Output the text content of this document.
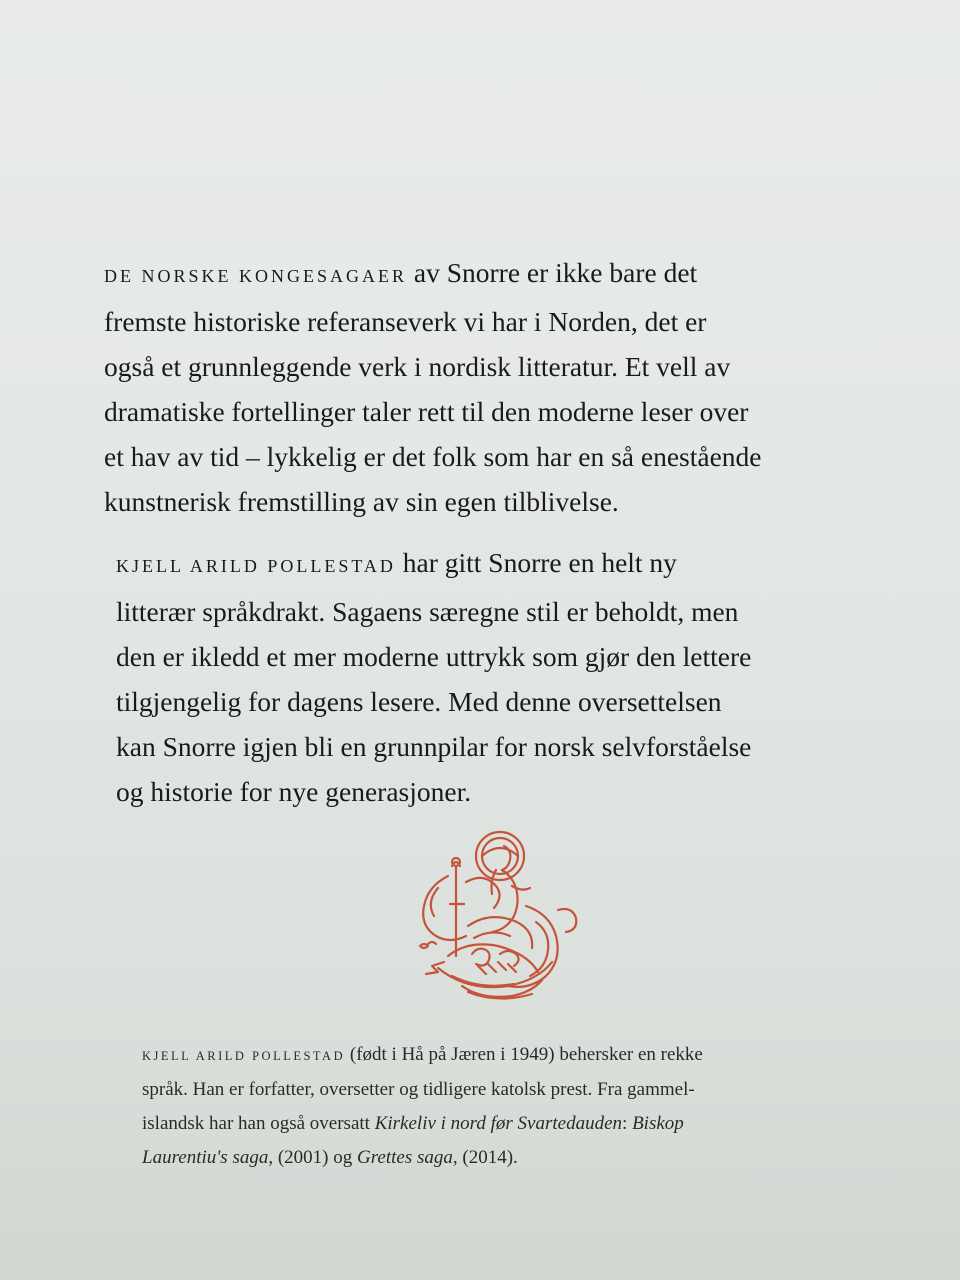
DE NORSKE KONGESAGAER av Snorre er ikke bare det
fremste historiske referanseverk vi har i Norden, det er
også et grunnleggende verk i nordisk litteratur. Et vell av
dramatiske fortellinger taler rett til den moderne leser over
et hav av tid – lykkelig er det folk som har en så enestående
kunstnerisk fremstilling av sin egen tilblivelse.
KJELL ARILD POLLESTAD har gitt Snorre en helt ny
litterær språkdrakt. Sagaens særegne stil er beholdt, men
den er ikledd et mer moderne uttrykk som gjør den lettere
tilgjengelig for dagens lesere. Med denne oversettelsen
kan Snorre igjen bli en grunnpilar for norsk selvforståelse
og historie for nye generasjoner.
KJELL ARILD POLLESTAD (født i Hå på Jæren i 1949) behersker en rekke
språk. Han er forfatter, oversetter og tidligere katolsk prest. Fra gammel-
islandsk har han også oversatt Kirkeliv i nord før Svartedauden: Biskop
Laurentiu's saga, (2001) og Grettes saga, (2014).
